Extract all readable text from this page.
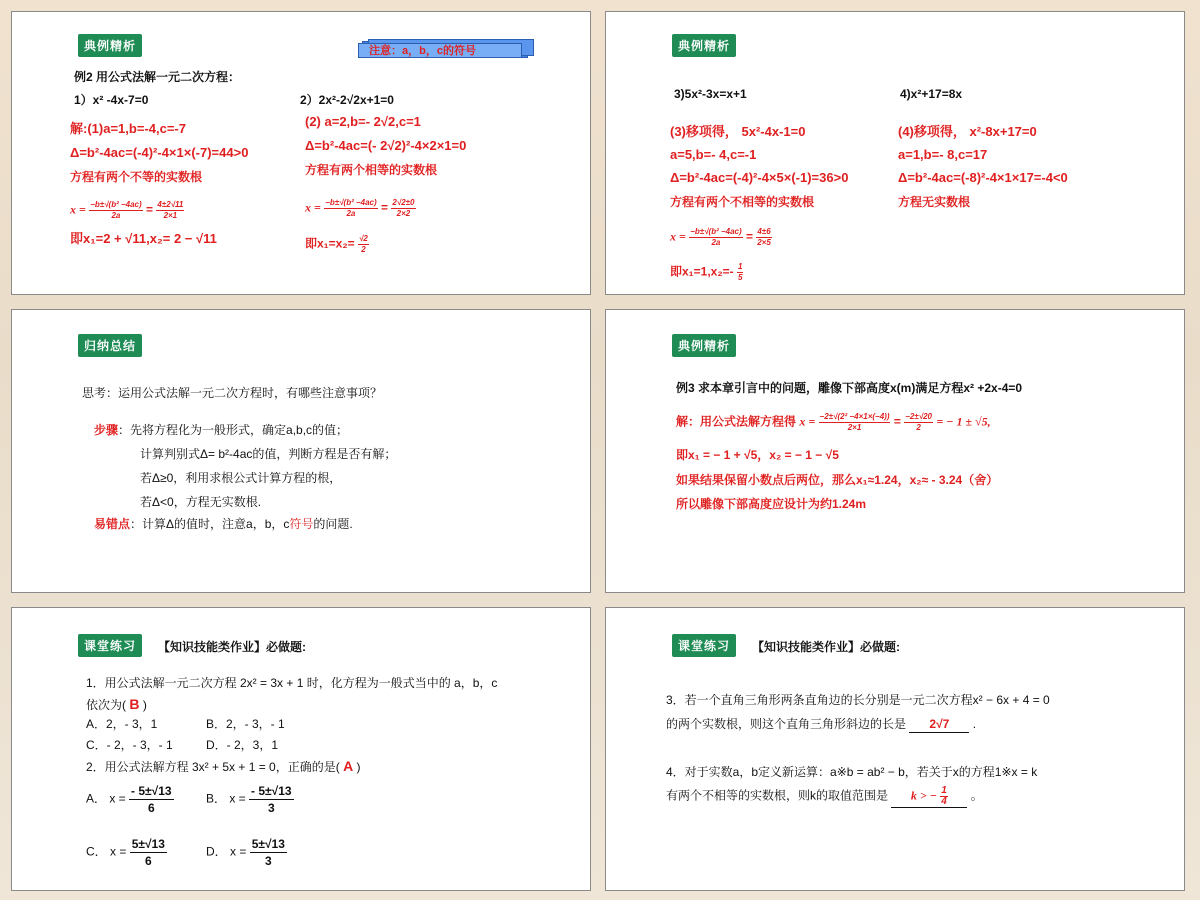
典例精析	注意：a，b，c的符号
例2 用公式法解一元二次方程：
1）x² -4x-7=0	2）2x²-2√2x+1=0
解:(1)a=1,b=-4,c=-7
Δ=b²-4ac=(-4)²-4×1×(-7)=44>0
方程有两个不等的实数根
$x = \frac{\text{−b±√(b² −4ac)}}{2a} = \frac{4\pm 2√11}{2\times 1}$
即x₁=2 + √11,x₂= 2 − √11
(2) a=2,b=- 2√2,c=1
Δ=b²-4ac=(- 2√2)²-4×2×1=0
方程有两个相等的实数根
$x = \frac{\text{−b±√(b² −4ac)}}{2a} = \frac{2√2\pm 0}{2\times 2}$
即$x_1=x_2= \frac{√2}{2}$
典例精析
3)5x²-3x=x+1	4)x²+17=8x
(3)移项得， 5x²-4x-1=0
a=5,b=- 4,c=-1
Δ=b²-4ac=(-4)²-4×5×(-1)=36>0
方程有两个不相等的实数根
$x = \frac{\text{−b±√(b² −4ac)}}{2a} = \frac{4\pm 6}{2\times 5}$
即$x_1=1,x_2=- \frac{1}{5}$
(4)移项得， x²-8x+17=0
a=1,b=- 8,c=17
Δ=b²-4ac=(-8)²-4×1×17=-4<0
方程无实数根
归纳总结
思考：运用公式法解一元二次方程时，有哪些注意事项？
步骤：先将方程化为一般形式，确定a,b,c的值；
计算判别式Δ= b²-4ac的值，判断方程是否有解；
若Δ≥0，利用求根公式计算方程的根，
若Δ<0，方程无实数根.
易错点：计算Δ的值时，注意a，b，c符号的问题.
典例精析
例3 求本章引言中的问题，雕像下部高度x(m)满足方程x² +2x-4=0
解：用公式法解方程得 $x = \frac{\text{−2±√(2² −4×1×(−4))}}{2\times 1} = \frac{-2\pm√20}{2}$ = − 1 ± √5,
即x₁ = − 1 + √5，x₂ = − 1 − √5
如果结果保留小数点后两位，那么x₁≈1.24，x₂≈ - 3.24（舍）
所以雕像下部高度应设计为约1.24m
课堂练习	【知识技能类作业】必做题:
1．用公式法解一元二次方程 2x² = 3x + 1 时，化方程为一般式当中的 a，b，c
依次为( B )
A．2，- 3，1	B．2，- 3，- 1
C．- 2，- 3，- 1	D．- 2，3，1
2．用公式法解方程 3x² + 5x + 1 = 0，正确的是( A )
A． $x = \frac{- 5\pm√13}{6}$	B． $x = \frac{- 5\pm√13}{3}$
C． $x = \frac{5\pm√13}{6}$	D． $x = \frac{5\pm√13}{3}$
课堂练习	【知识技能类作业】必做题:
3．若一个直角三角形两条直角边的长分别是一元二次方程x² − 6x + 4 = 0
的两个实数根，则这个直角三角形斜边的长是 2√7 .
4．对于实数a，b定义新运算：a※b = ab² − b，若关于x的方程1※x = k
有两个不相等的实数根，则k的取值范围是 k > − $\frac{1}{4}$ 。
